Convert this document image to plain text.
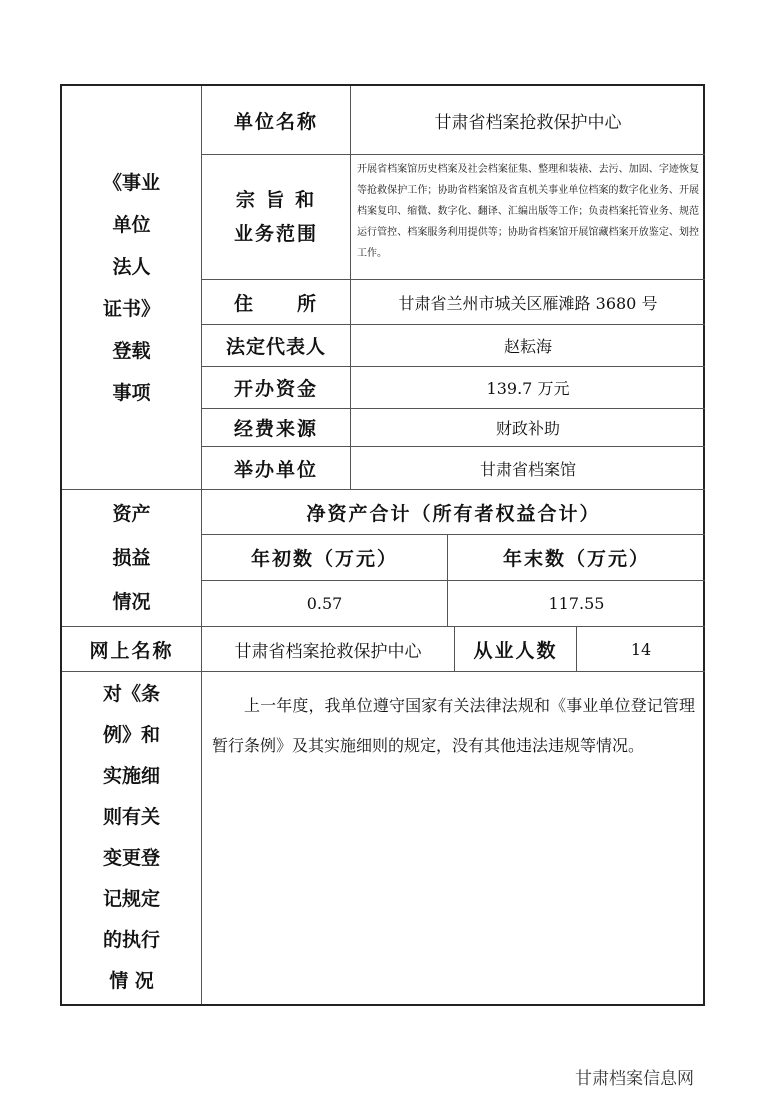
《事业
单位
法人
证书》
登载
事项
单位名称	甘肃省档案抢救保护中心
宗 旨 和
业务范围
开展省档案馆历史档案及社会档案征集、整理和装裱、去污、加固、字迹恢复等抢救保护工作；协助省档案馆及省直机关事业单位档案的数字化业务、开展档案复印、缩微、数字化、翻译、汇编出版等工作；负责档案托管业务、规范运行管控、档案服务利用提供等；协助省档案馆开展馆藏档案开放鉴定、划控工作。
住　　所	甘肃省兰州市城关区雁滩路 3680 号
法定代表人	赵耘海
开办资金	139.7 万元
经费来源	财政补助
举办单位	甘肃省档案馆
资产
损益
情况
净资产合计（所有者权益合计）
年初数（万元）	年末数（万元）
0.57	117.55
网上名称	甘肃省档案抢救保护中心	从业人数	14
对《条
例》和
实施细
则有关
变更登
记规定
的执行
情 况
上一年度，我单位遵守国家有关法律法规和《事业单位登记管理暂行条例》及其实施细则的规定，没有其他违法违规等情况。
甘肃档案信息网
